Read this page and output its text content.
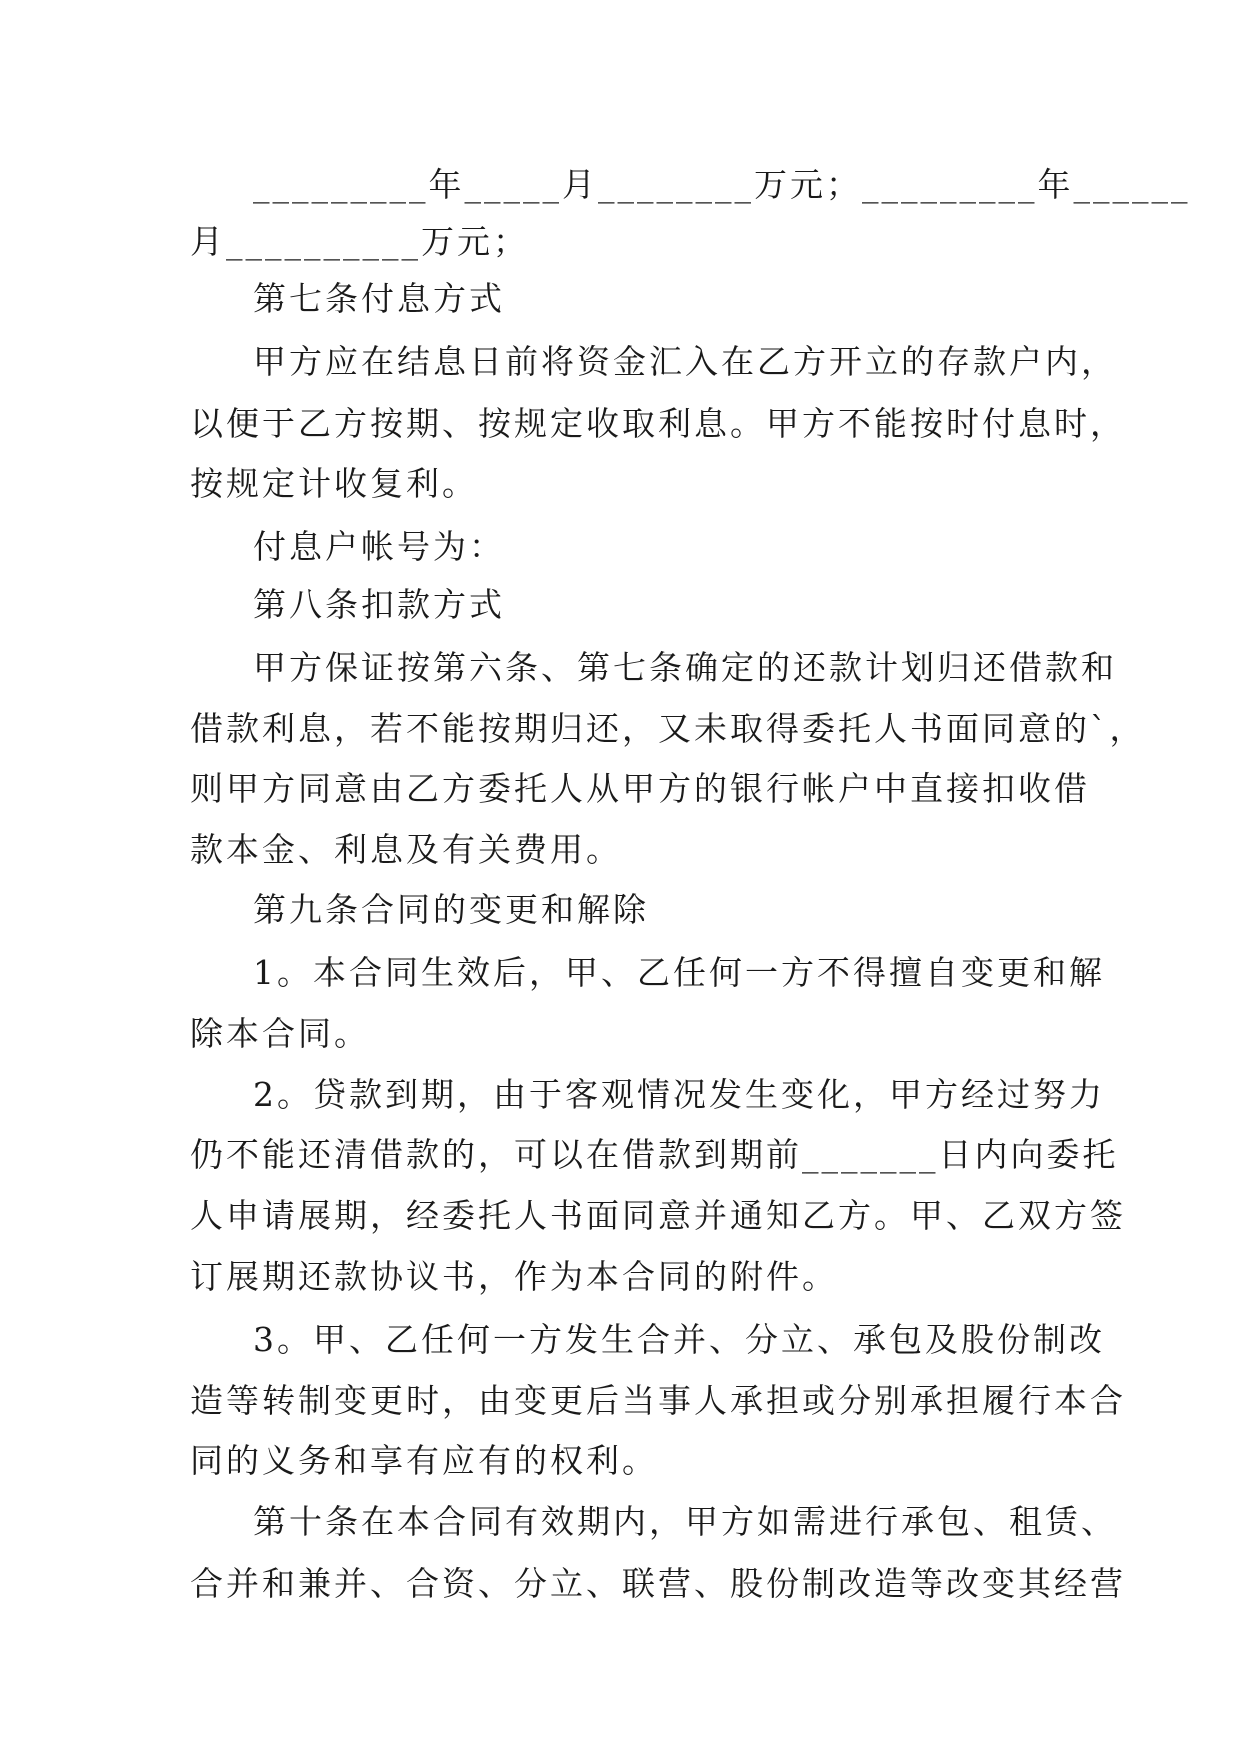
_________年_____月________万元；_________年______
月__________万元；
第七条付息方式
甲方应在结息日前将资金汇入在乙方开立的存款户内，
以便于乙方按期、按规定收取利息。甲方不能按时付息时，
按规定计收复利。
付息户帐号为：
第八条扣款方式
甲方保证按第六条、第七条确定的还款计划归还借款和
借款利息，若不能按期归还，又未取得委托人书面同意的`，
则甲方同意由乙方委托人从甲方的银行帐户中直接扣收借
款本金、利息及有关费用。
第九条合同的变更和解除
1。本合同生效后，甲、乙任何一方不得擅自变更和解
除本合同。
2。贷款到期，由于客观情况发生变化，甲方经过努力
仍不能还清借款的，可以在借款到期前_______日内向委托
人申请展期，经委托人书面同意并通知乙方。甲、乙双方签
订展期还款协议书，作为本合同的附件。
3。甲、乙任何一方发生合并、分立、承包及股份制改
造等转制变更时，由变更后当事人承担或分别承担履行本合
同的义务和享有应有的权利。
第十条在本合同有效期内，甲方如需进行承包、租赁、
合并和兼并、合资、分立、联营、股份制改造等改变其经营
